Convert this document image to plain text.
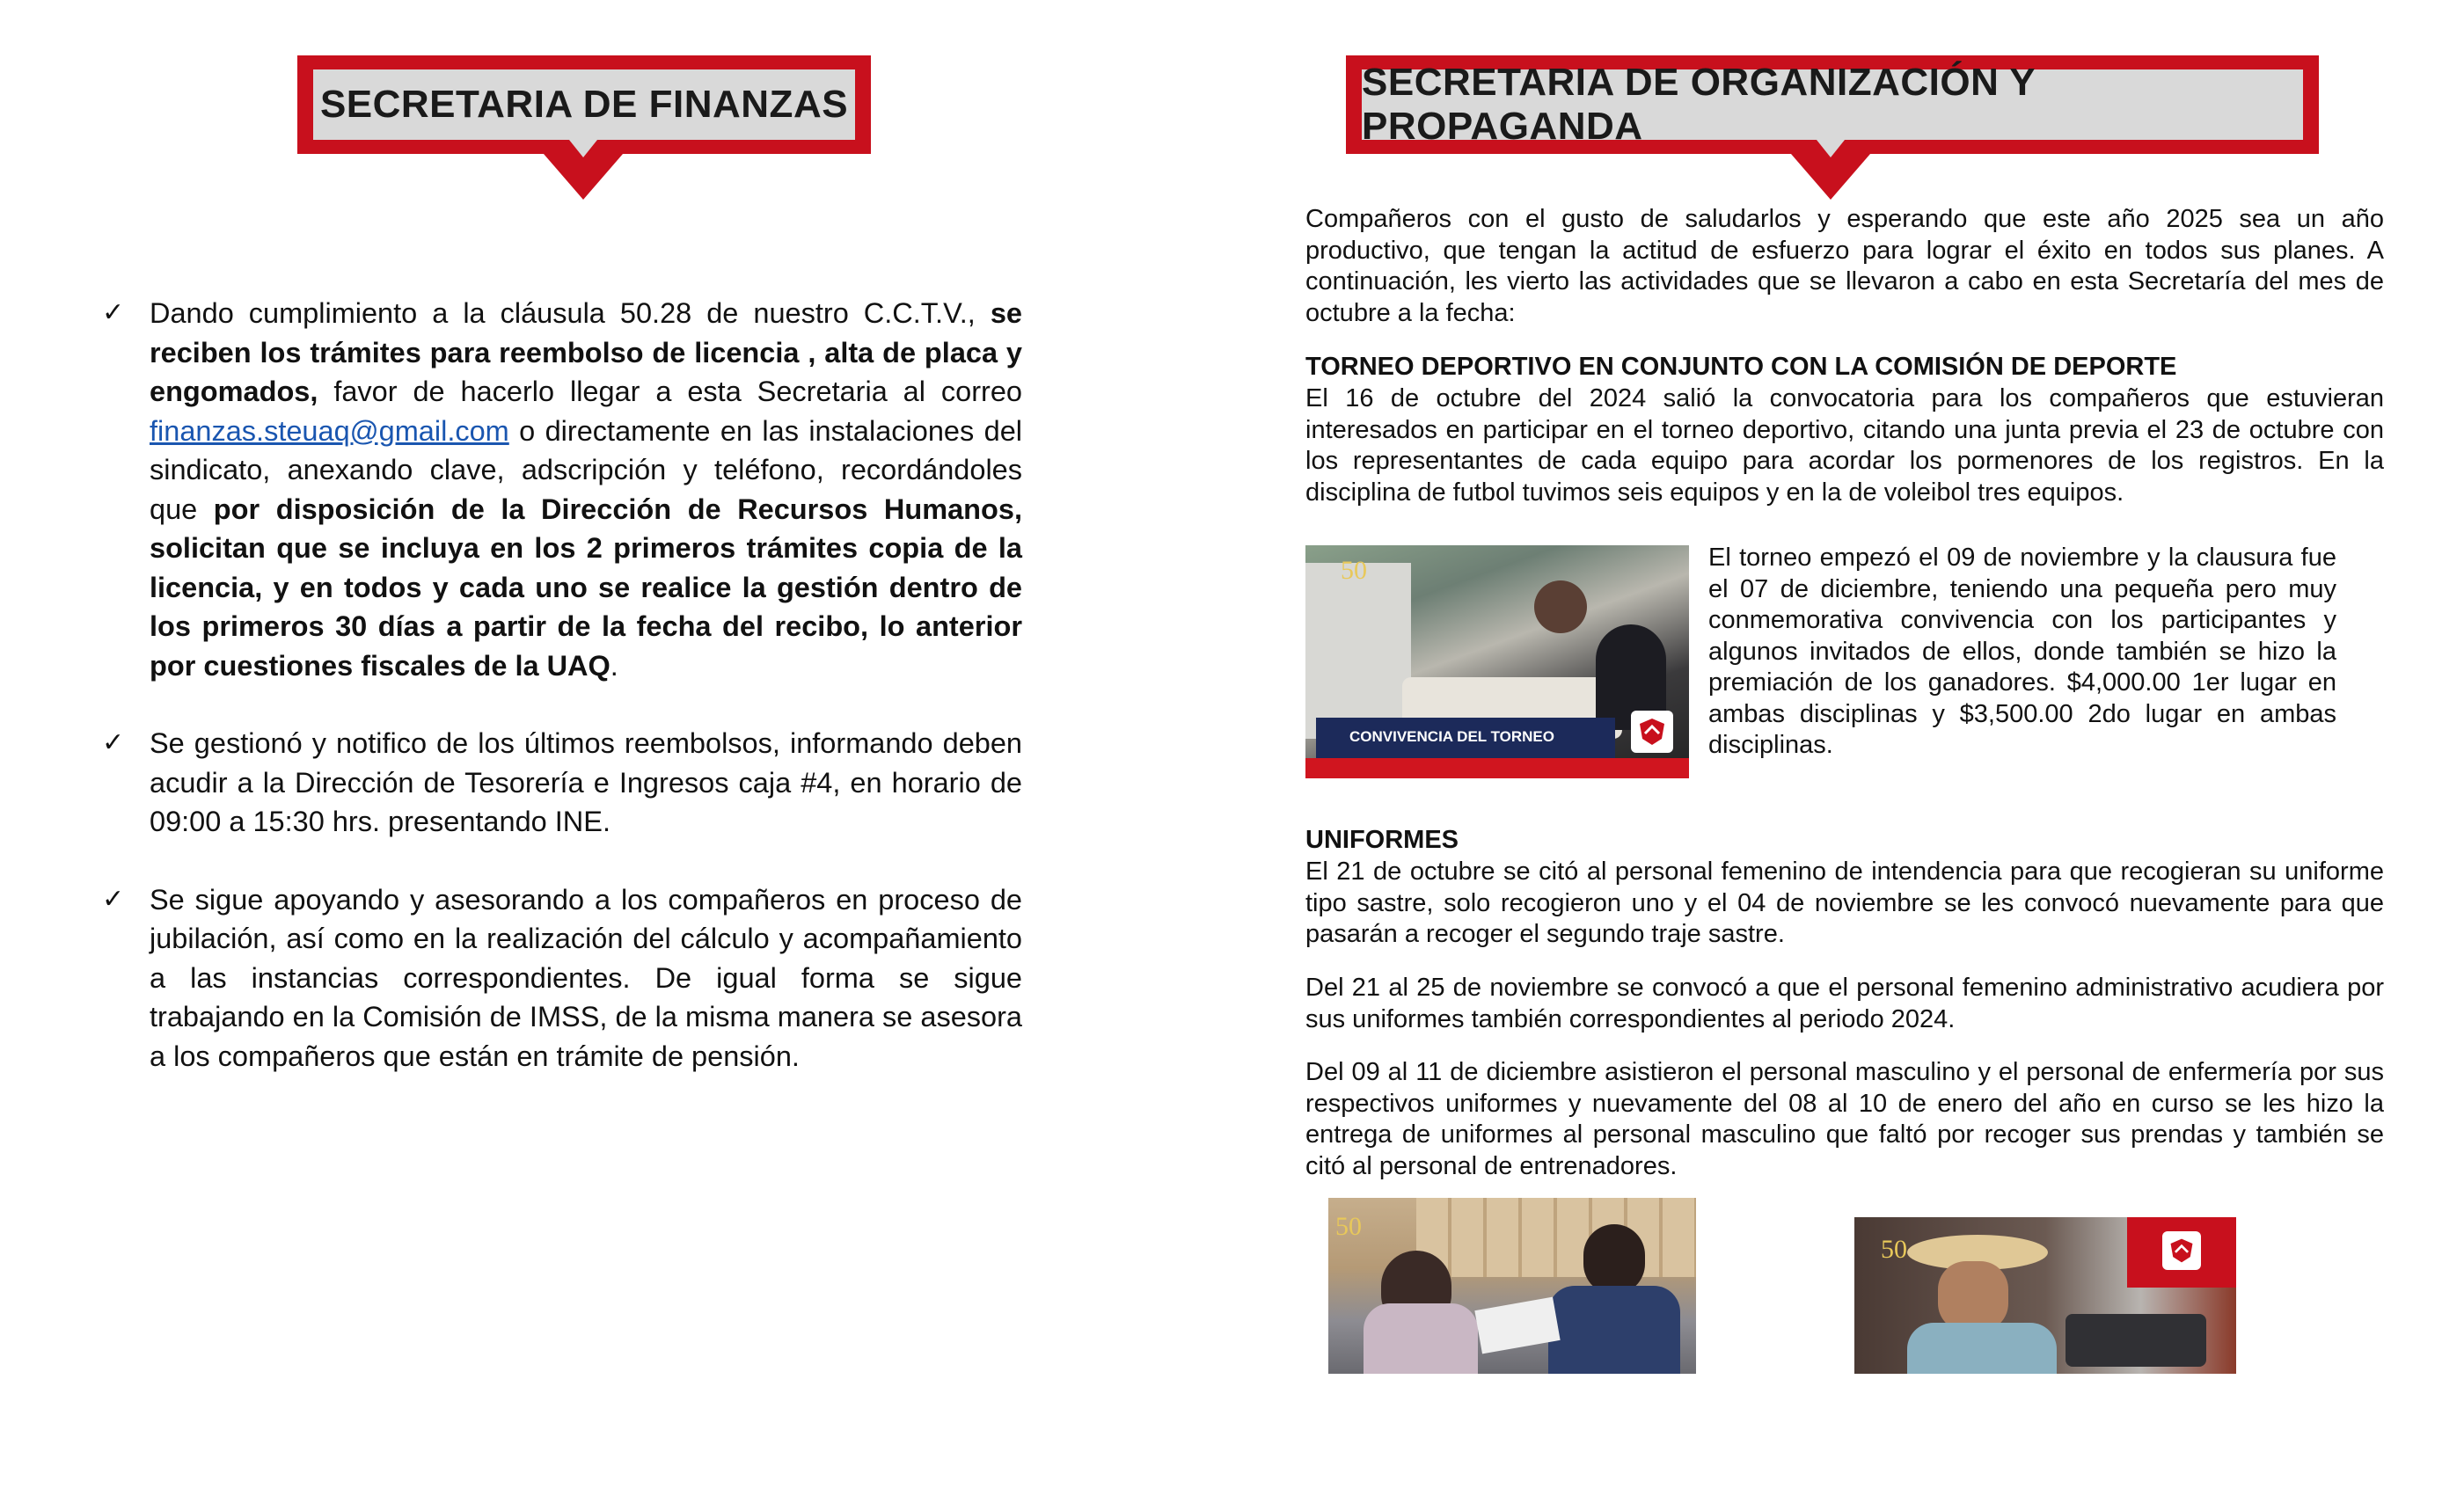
SECRETARIA DE FINANZAS
SECRETARIA DE ORGANIZACIÓN Y PROPAGANDA
✓ Dando cumplimiento a la cláusula 50.28 de nuestro C.C.T.V., se reciben los trámites para reembolso de licencia , alta de placa y engomados, favor de hacerlo llegar a esta Secretaria al correo finanzas.steuaq@gmail.com o directamente en las instalaciones del sindicato, anexando clave, adscripción y teléfono, recordándoles que por disposición de la Dirección de Recursos Humanos, solicitan que se incluya en los 2 primeros trámites copia de la licencia, y en todos y cada uno se realice la gestión dentro de los primeros 30 días a partir de la fecha del recibo, lo anterior por cuestiones fiscales de la UAQ.
✓ Se gestionó y notifico de los últimos reembolsos, informando deben acudir a la Dirección de Tesorería e Ingresos caja #4, en horario de 09:00 a 15:30 hrs. presentando INE.
✓ Se sigue apoyando y asesorando a los compañeros en proceso de jubilación, así como en la realización del cálculo y acompañamiento a las instancias correspondientes. De igual forma se sigue trabajando en la Comisión de IMSS, de la misma manera se asesora a los compañeros que están en trámite de pensión.
Compañeros con el gusto de saludarlos y esperando que este año 2025 sea un año productivo, que tengan la actitud de esfuerzo para lograr el éxito en todos sus planes. A continuación, les vierto las actividades que se llevaron a cabo en esta Secretaría del mes de octubre a la fecha:
TORNEO DEPORTIVO EN CONJUNTO CON LA COMISIÓN DE DEPORTE
El 16 de octubre del 2024 salió la convocatoria para los compañeros que estuvieran interesados en participar en el torneo deportivo, citando una junta previa el 23 de octubre con los representantes de cada equipo para acordar los pormenores de los registros. En la disciplina de futbol tuvimos seis equipos y en la de voleibol tres equipos.
50
CONVIVENCIA DEL TORNEO
El torneo empezó el 09 de noviembre y la clausura fue el 07 de diciembre, teniendo una pequeña pero muy conmemorativa convivencia con los participantes y algunos invitados de ellos, donde también se hizo la premiación de los ganadores. $4,000.00 1er lugar en ambas disciplinas y $3,500.00 2do lugar en ambas disciplinas.
UNIFORMES
El 21 de octubre se citó al personal femenino de intendencia para que recogieran su uniforme tipo sastre, solo recogieron uno y el 04 de noviembre se les convocó nuevamente para que pasarán a recoger el segundo traje sastre.
Del 21 al 25 de noviembre se convocó a que el personal femenino administrativo acudiera por sus uniformes también correspondientes al periodo 2024.
Del 09 al 11 de diciembre asistieron el personal masculino y el personal de enfermería por sus respectivos uniformes y nuevamente del 08 al 10 de enero del año en curso se les hizo la entrega de uniformes al personal masculino que faltó por recoger sus prendas y también se citó al personal de entrenadores.
50
50
